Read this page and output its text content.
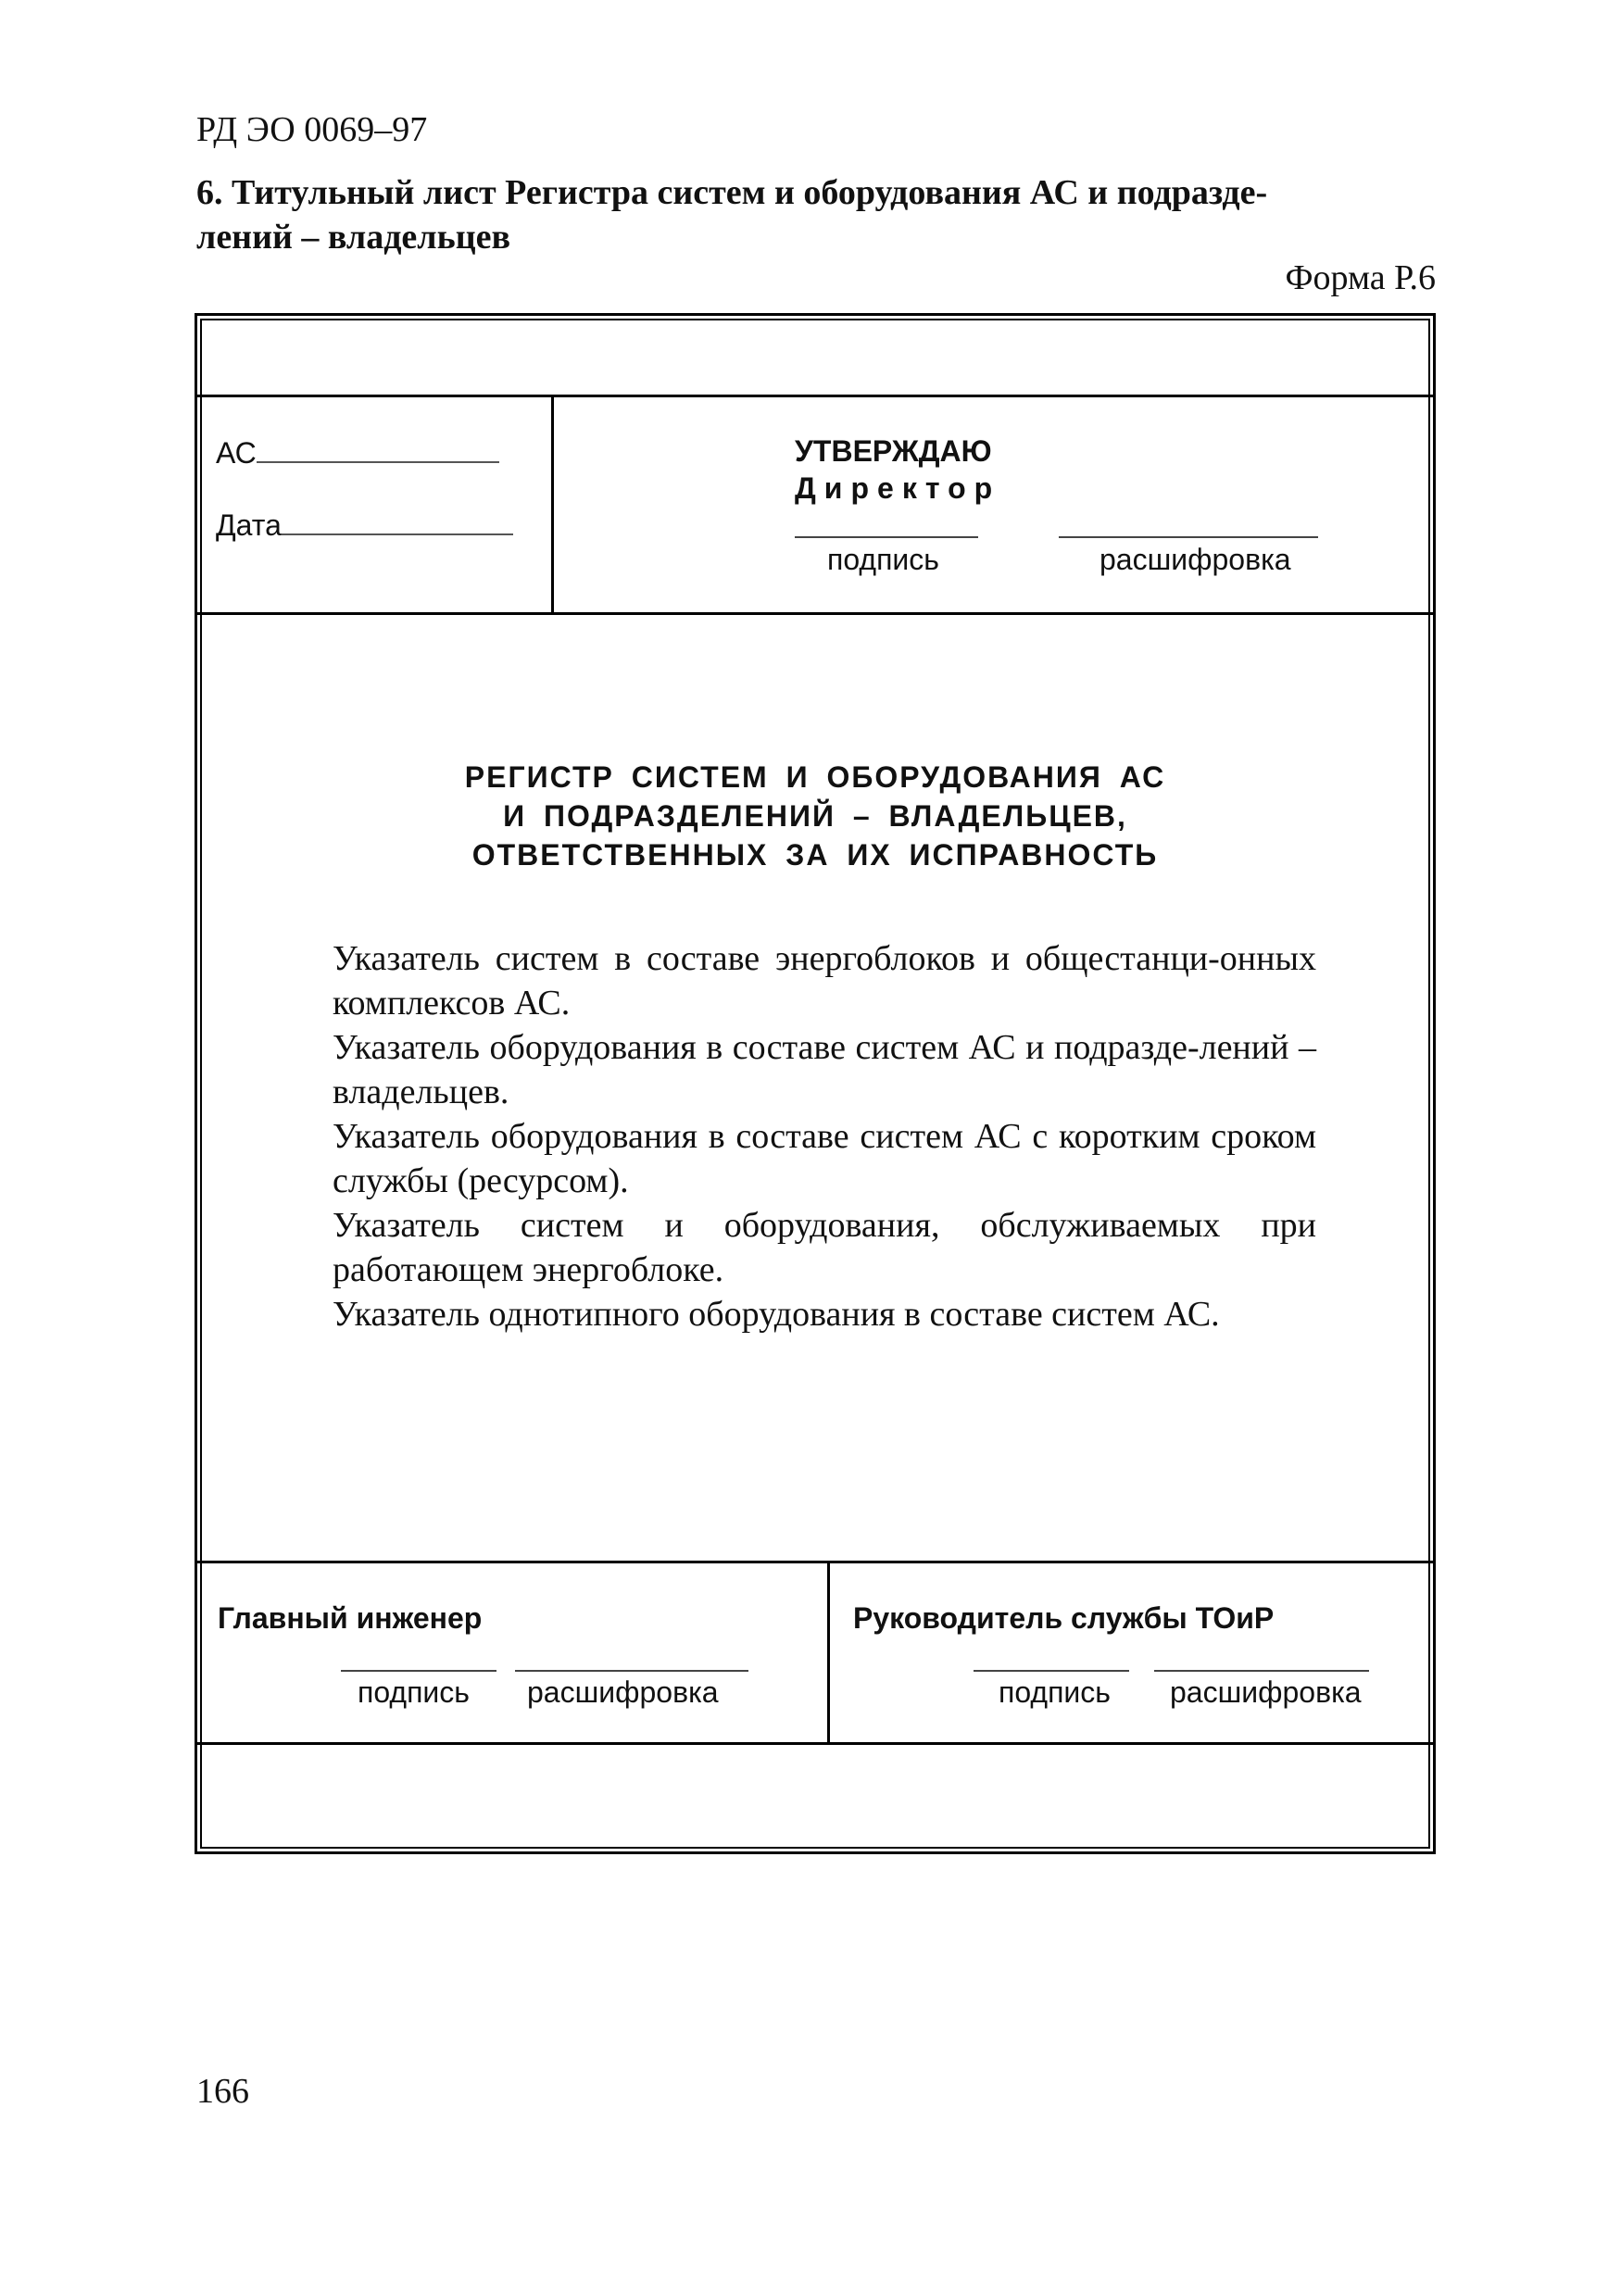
РД ЭО 0069–97
6. Титульный лист Регистра систем и оборудования АС и подразде-
лений – владельцев
Форма Р.6
АС
Дата
УТВЕРЖДАЮ
Директор
подпись	расшифровка
РЕГИСТР СИСТЕМ И ОБОРУДОВАНИЯ АС
И ПОДРАЗДЕЛЕНИЙ – ВЛАДЕЛЬЦЕВ,
ОТВЕТСТВЕННЫХ ЗА ИХ ИСПРАВНОСТЬ

Указатель систем в составе энергоблоков и общестанци-онных комплексов АС.

Указатель оборудования в составе систем АС и подразде-лений – владельцев.

Указатель оборудования в составе систем АС с коротким сроком службы (ресурсом).

Указатель систем и оборудования, обслуживаемых при работающем энергоблоке.

Указатель однотипного оборудования в составе систем АС.

Главный инженер
подпись расшифровка
Руководитель службы ТОиР
подпись расшифровка
166
